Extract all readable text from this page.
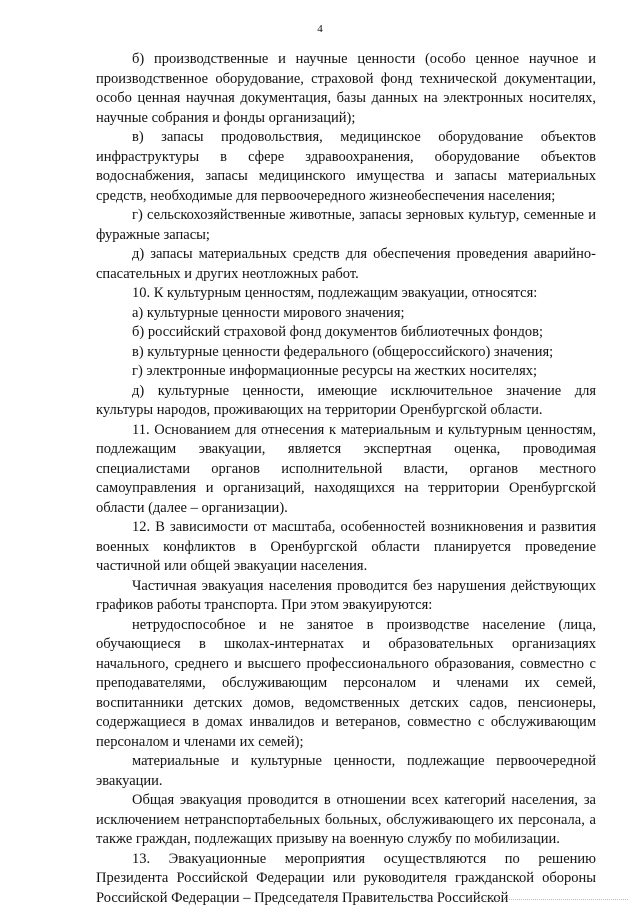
4

б) производственные и научные ценности (особо ценное научное и производственное оборудование, страховой фонд технической документации, особо ценная научная документация, базы данных на электронных носителях, научные собрания и фонды организаций);

в) запасы продовольствия, медицинское оборудование объектов инфраструктуры в сфере здравоохранения, оборудование объектов водоснабжения, запасы медицинского имущества и запасы материальных средств, необходимые для первоочередного жизнеобеспечения населения;

г) сельскохозяйственные животные, запасы зерновых культур, семенные и фуражные запасы;

д) запасы материальных средств для обеспечения проведения аварийно-спасательных и других неотложных работ.

10. К культурным ценностям, подлежащим эвакуации, относятся:

а) культурные ценности мирового значения;

б) российский страховой фонд документов библиотечных фондов;

в) культурные ценности федерального (общероссийского) значения;

г) электронные информационные ресурсы на жестких носителях;

д) культурные ценности, имеющие исключительное значение для культуры народов, проживающих на территории Оренбургской области.

11. Основанием для отнесения к материальным и культурным ценностям, подлежащим эвакуации, является экспертная оценка, проводимая специалистами органов исполнительной власти, органов местного самоуправления и организаций, находящихся на территории Оренбургской области (далее – организации).

12. В зависимости от масштаба, особенностей возникновения и развития военных конфликтов в Оренбургской области планируется проведение частичной или общей эвакуации населения.

Частичная эвакуация населения проводится без нарушения действующих графиков работы транспорта. При этом эвакуируются:

нетрудоспособное и не занятое в производстве население (лица, обучающиеся в школах-интернатах и образовательных организациях начального, среднего и высшего профессионального образования, совместно с преподавателями, обслуживающим персоналом и членами их семей, воспитанники детских домов, ведомственных детских садов, пенсионеры, содержащиеся в домах инвалидов и ветеранов, совместно с обслуживающим персоналом и членами их семей);

материальные и культурные ценности, подлежащие первоочередной эвакуации.

Общая эвакуация проводится в отношении всех категорий населения, за исключением нетранспортабельных больных, обслуживающего их персонала, а также граждан, подлежащих призыву на военную службу по мобилизации.

13. Эвакуационные мероприятия осуществляются по решению Президента Российской Федерации или руководителя гражданской обороны Российской Федерации – Председателя Правительства Российской
